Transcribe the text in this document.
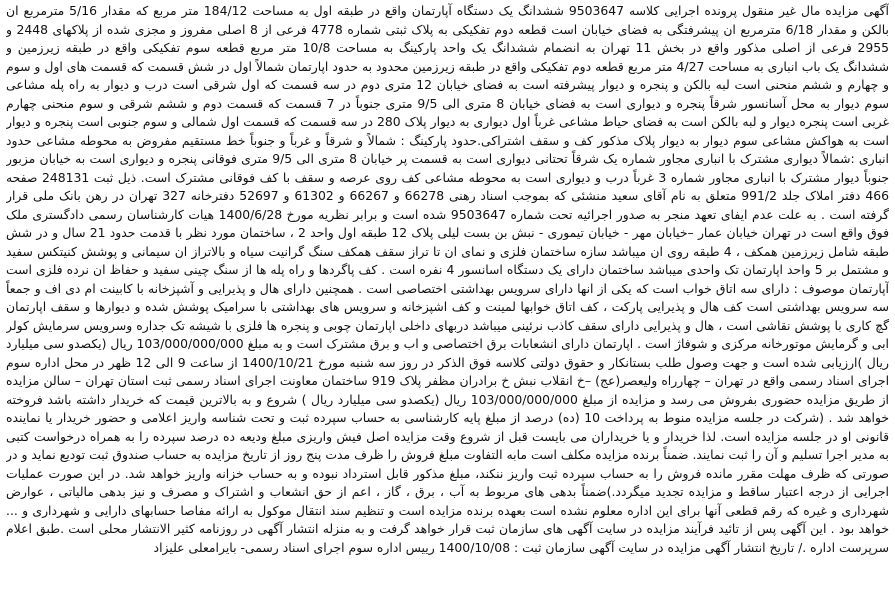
آگهی مزایده مال غیر منقول پرونده اجرایی کلاسه 9503647 ششدانگ یک دستگاه آپارتمان واقع در طبقه اول به مساحت 184/12 متر مربع که مقدار 5/16 مترمربع ان بالکن و مقدار 6/18 مترمربع ان پیشرفتگی به فضای خیابان است قطعه دوم تفکیکی به پلاک ثبتی شماره 4778 فرعی از 8 اصلی مفروز و مجزی شده از پلاکهای 2448 و 2955 فرعی از اصلی مذکور واقع در بخش 11 تهران به انضمام ششدانگ یک واحد پارکینگ به مساحت 10/8 متر مربع قطعه سوم تفکیکی واقع در طبقه زیرزمین و ششدانگ یک باب انباری به مساحت 4/27 متر مربع قطعه دوم تفکیکی واقع در طبقه زیرزمین محدود به حدود اپارتمان شمالاً اول در شش قسمت که قسمت های اول و سوم و چهارم و ششم منحنی است لبه بالکن و پنجره و دیوار پیشرفته است به فضای خیابان 12 متری دوم در سه قسمت که اول شرقی است درب و دیوار به راه پله مشاعی سوم دیوار به محل آسانسور شرقاً پنجره و دیواری است به فضای خیابان 8 متری الی 9/5 متری جنوباً در 7 قسمت که قسمت دوم و ششم شرقی و سوم منحنی چهارم غربی است پنجره دیوار و لبه بالکن است به فضای حیاط مشاعی غرباً اول دیواری به دیوار پلاک 280 در سه قسمت که قسمت اول شمالی و سوم جنوبی است پنجره و دیوار است به هواکش مشاعی سوم دیوار به دیوار پلاک مذکور کف و سقف اشتراکی.حدود پارکینگ : شمالاً و شرقاً و غرباً و جنوباً خط مستقیم مفروض به محوطه مشاعی حدود انباری :شمالاً دیواری مشترک با انباری مجاور شماره یک شرقاً تحتانی دیواری است به قسمت پر خیابان 8 متری الی 9/5 متری فوقانی پنجره و دیواری است به خیابان مزبور جنوباً دیوار مشترک با انباری مجاور شماره 3 غرباً درب و دیواری است به محوطه مشاعی کف روی عرصه و سقف با کف فوقانی مشترک است. ذیل ثبت 248131 صفحه 466 دفتر املاک جلد 991/2 متعلق به نام آقای سعید منشئی که بموجب اسناد رهنی 66278 و 66267 و 61302 و 52697 دفترخانه 327 تهران در رهن بانک ملی قرار گرفته است . به علت عدم ایفای تعهد منجر به صدور اجرائیه تحت شماره 9503647 شده است و برابر نظریه مورخ 1400/6/28 هیات کارشناسان رسمی دادگستری ملک فوق واقع است در تهران خیابان عمار –خیابان مهر - خیابان تیموری - نبش بن بست لیلی پلاک 12 طبقه اول واحد 2 ، ساختمان مورد نظر با قدمت حدود 21 سال و در شش طبقه شامل زیرزمین همکف ، 4 طبقه روی ان میباشد سازه ساختمان فلزی و نمای ان تا تراز سقف همکف سنگ گرانیت سیاه و بالاتراز ان سیمانی و پوشش کنیتکس سفید و مشتمل بر 5 واحد اپارتمان تک واحدی میباشد ساختمان دارای یک دستگاه اسانسور 4 نفره است . کف پاگردها و راه پله ها از سنگ چینی سفید و حفاظ ان نرده فلزی است آپارتمان موصوف : دارای سه اتاق خواب است که یکی از انها دارای سرویس بهداشتی اختصاصی است . همچنین دارای هال و پذیرایی و آشپزخانه با کابینت ام دی اف و جمعاً سه سرویس بهداشتی است کف هال و پذیرایی پارکت ، کف اتاق خوابها لمینت و کف اشپزخانه و سرویس های بهداشتی با سرامیک پوشش شده و دیوارها و سقف اپارتمان گچ کاری با پوشش نقاشی است ، هال و پذیرایی دارای سقف کاذب نرئینی میباشد دربهای داخلی اپارتمان چوبی و پنجره ها فلزی با شیشه تک جداره وسرویس سرمایش کولر ابی و گرمایش موتورخانه مرکزی و شوفاژ است . اپارتمان دارای انشعابات برق اختصاصی و اب و برق مشترک است و به مبلغ 103/000/000/000 ریال (یکصدو سی میلیارد ریال )ارزیابی شده است و جهت وصول طلب بستانکار و حقوق دولتی کلاسه فوق الذکر در روز سه شنبه مورخ 1400/10/21 از ساعت 9 الی 12 ظهر در محل اداره سوم اجرای اسناد رسمی واقع در تهران – چهارراه ولیعصر(عج) –خ انقلاب نبش خ برادران مظفر پلاک 919 ساختمان معاونت اجرای اسناد رسمی ثبت استان تهران – سالن مزایده از طریق مزایده حضوری بفروش می رسد و مزایده از مبلغ 103/000/000/000 ریال (یکصدو سی میلیارد ریال ) شروع و به بالاترین قیمت که خریدار داشته باشد فروخته خواهد شد . (شرکت در جلسه مزایده منوط به پرداخت 10 (ده) درصد از مبلغ پایه کارشناسی به حساب سپرده ثبت و تحت شناسه واریز اعلامی و حضور خریدار یا نماینده قانونی او در جلسه مزایده است. لذا خریدار و یا خریداران می بایست قبل از شروع وقت مزایده اصل فیش واریزی مبلغ ودیعه ده درصد سپرده را به همراه درخواست کتبی به مدیر اجرا تسلیم و آن را ثبت نمایند. ضمناً برنده مزایده مکلف است مابه التفاوت مبلغ فروش را ظرف مدت پنج روز از تاریخ مزایده به حساب صندوق ثبت تودیع نماید و در صورتی که ظرف مهلت مقرر مانده فروش را به حساب سپرده ثبت واریز ننکند، مبلغ مذکور قابل استرداد نبوده و به حساب خزانه واریز خواهد شد. در این صورت عملیات اجرایی از درجه اعتبار ساقط و مزایده تجدید میگردد.)ضمناً بدهی های مربوط به آب ، برق ، گاز ، اعم از حق انشعاب و اشتراک و مصرف و نیز بدهی مالیاتی ، عوارض شهرداری و غیره که رقم قطعی آنها برای این اداره معلوم نشده است بعهده برنده مزایده است و تنظیم سند انتقال موکول به ارائه مفاصا حسابهای دارایی و شهرداری و ... خواهد بود . این آگهی پس از تائید فرآیند مزایده در سایت آگهی های سازمان ثبت قرار خواهد گرفت و به منزله انتشار آگهی در روزنامه کثیر الانتشار محلی است .طبق اعلام سرپرست اداره ./ تاریخ انتشار آگهی مزایده در سایت آگهی سازمان ثبت : 1400/10/08 رییس اداره سوم اجرای اسناد رسمی- بایرامعلی علیزاد
